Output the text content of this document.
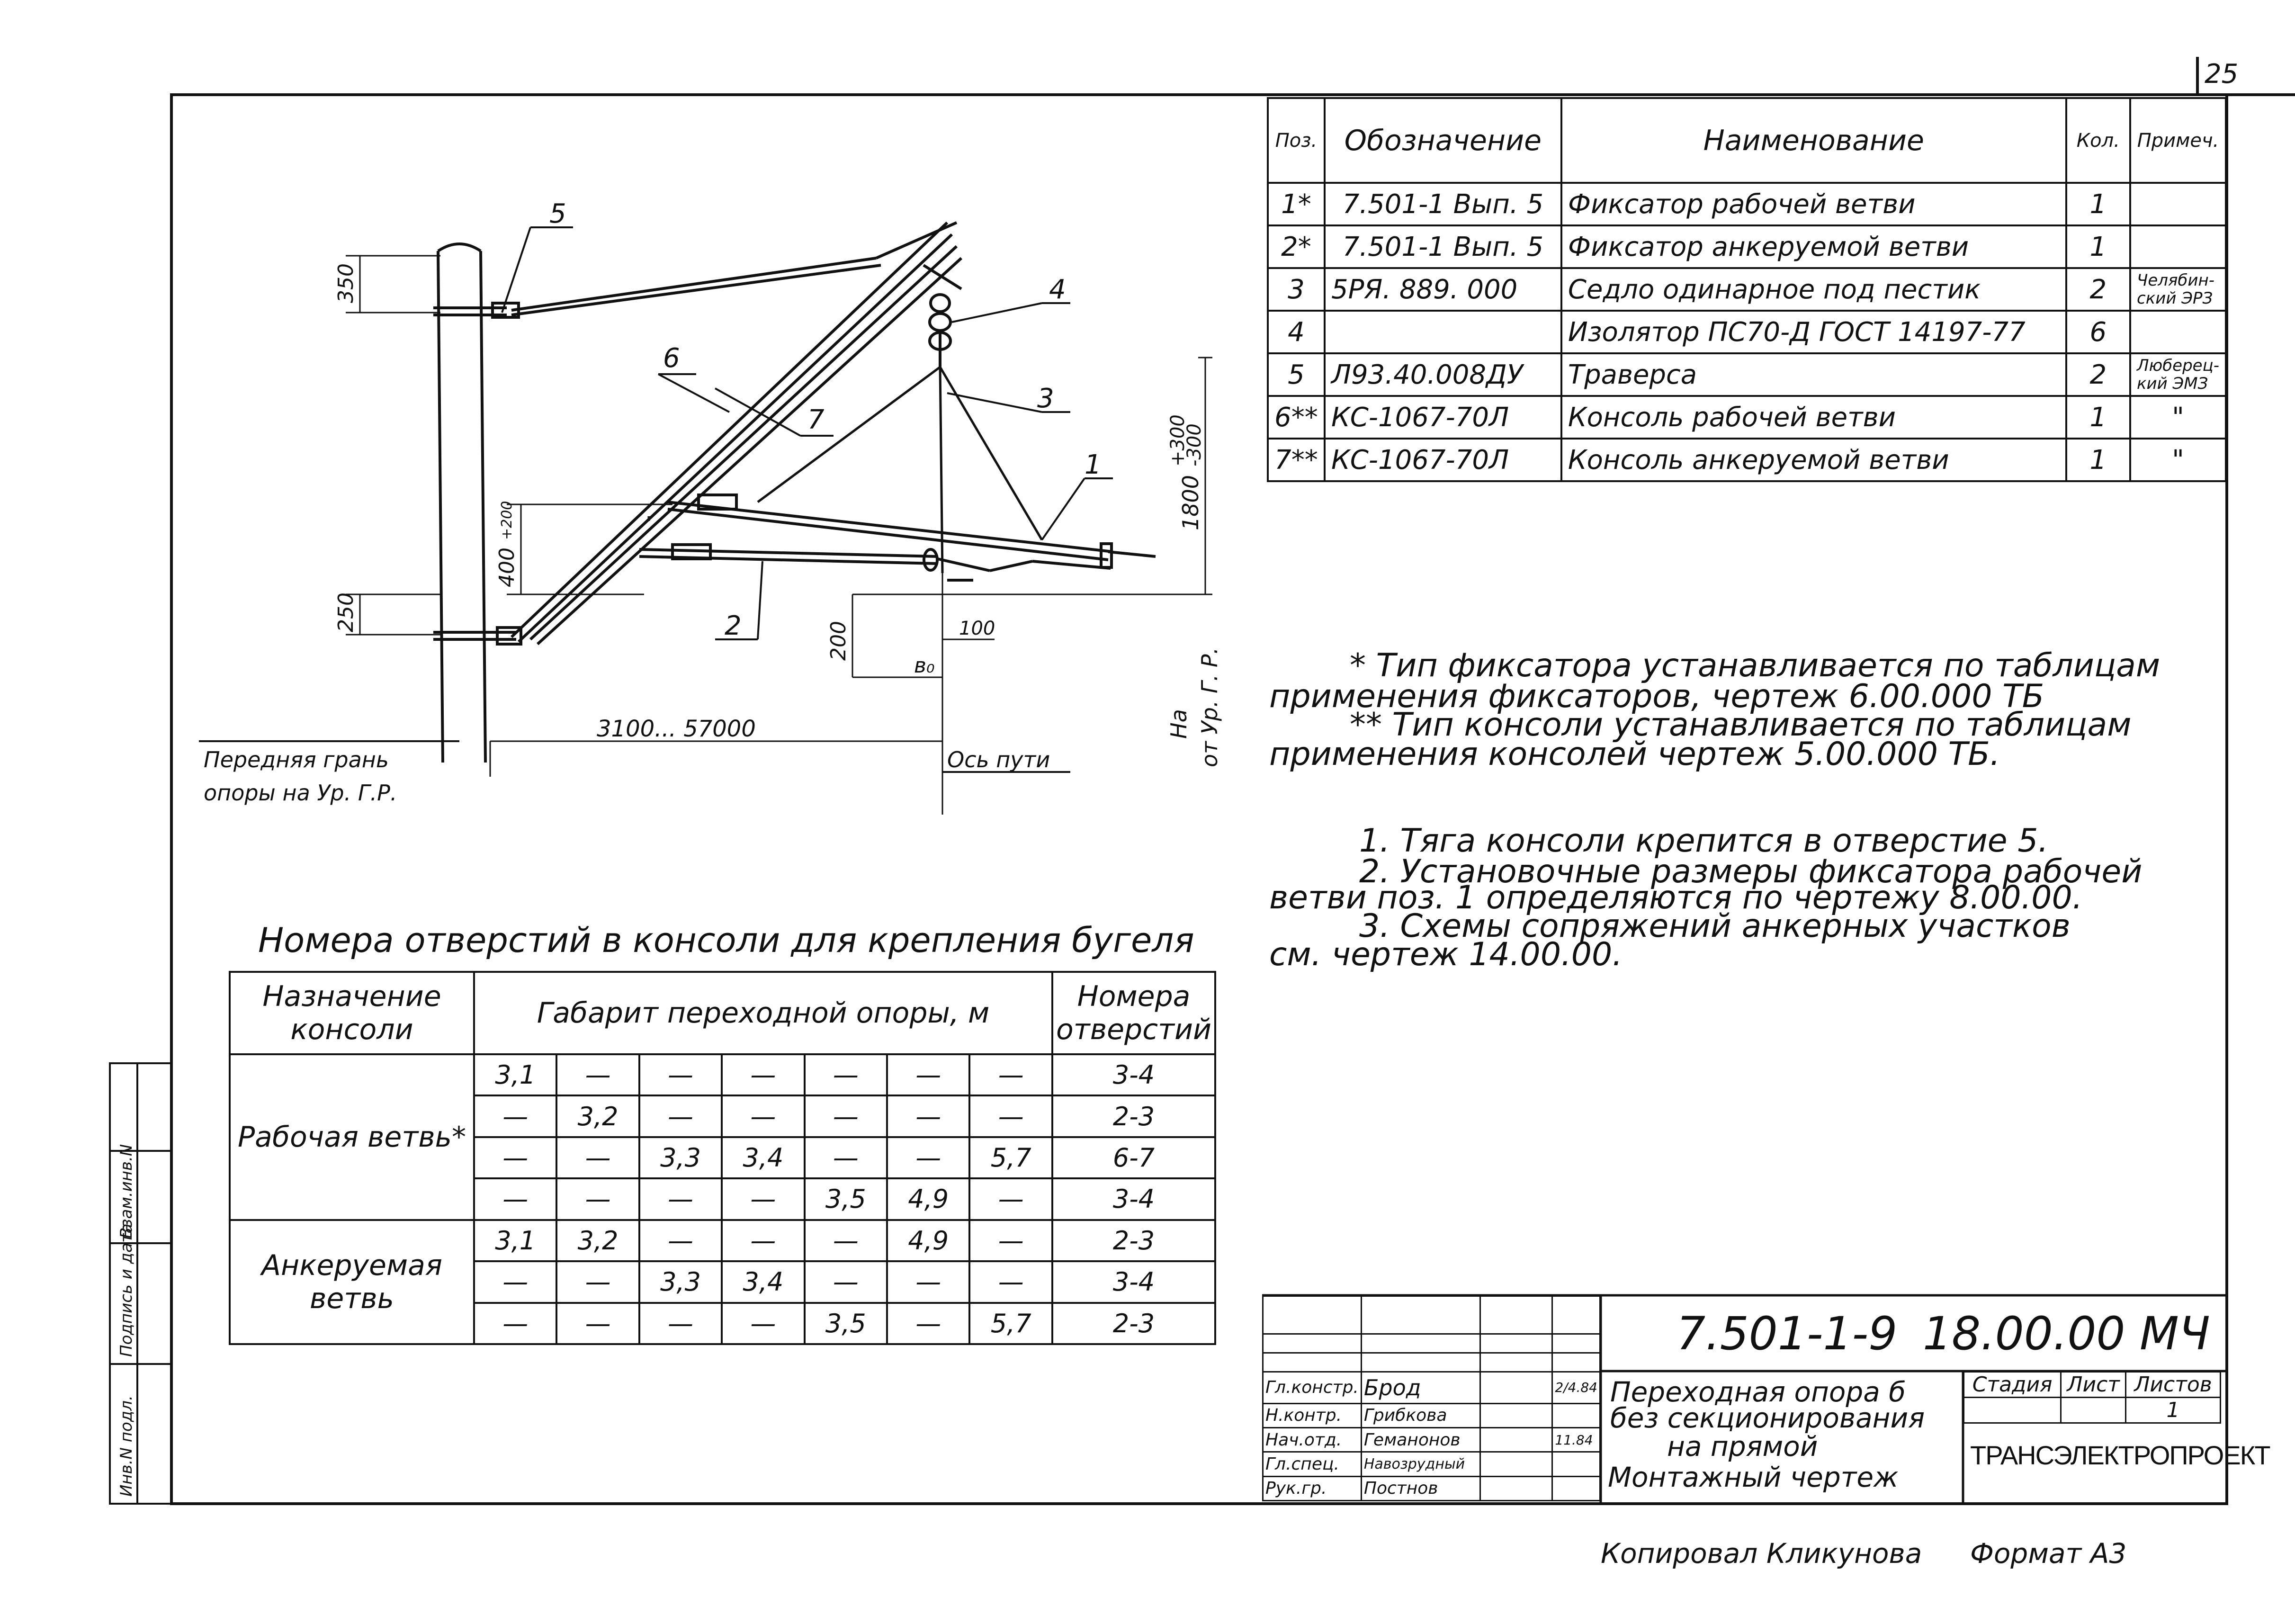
Инв.N подл.
Подпись и дата
Взам.инв.N
25
5
6
7
4
3
1
2
350
250
400
+200
200	100
в₀
1800
+300
-300
3100... 57000
Передняя грань
опоры на Ур. Г.Р.
Ось пути
На от Ур. Г. Р.
Номера отверстий в консоли для крепления бугеля
Копировал Кликунова Формат А3
Поз.	Обозначение	Наименование	Кол.	Примеч.
1*	7.501-1 Вып. 5	Фиксатор рабочей ветви	1	
2*	7.501-1 Вып. 5	Фиксатор анкеруемой ветви	1	
3	5РЯ. 889. 000	Седло одинарное под пестик	2	Челябин-ский ЭРЗ
4		Изолятор ПС70-Д ГОСТ 14197-77	6	
5	Л93.40.008ДУ	Траверса	2	Люберец-кий ЭМЗ
6**	КС-1067-70Л	Консоль рабочей ветви	1	"
7**	КС-1067-70Л	Консоль анкеруемой ветви	1	"
* Тип фиксатора устанавливается по таблицам
применения фиксаторов, чертеж 6.00.000 ТБ
** Тип консоли устанавливается по таблицам
применения консолей чертеж 5.00.000 ТБ.
1. Тяга консоли крепится в отверстие 5.
2. Установочные размеры фиксатора рабочей
ветви поз. 1 определяются по чертежу 8.00.00.
3. Схемы сопряжений анкерных участков
см. чертеж 14.00.00.
Назначение консоли	Габарит переходной опоры, м							Номера отверстий
Рабочая ветвь*	3,1	—	—	—	—	—	—	3-4
	—	3,2	—	—	—	—	—	2-3
	—	—	3,3	3,4	—	—	5,7	6-7
	—	—	—	—	3,5	4,9	—	3-4
Анкеруемая ветвь	3,1	3,2	—	—	—	4,9	—	2-3
	—	—	3,3	3,4	—	—	—	3-4
	—	—	—	—	3,5	—	5,7	2-3

Гл.констр.	Брод		2/4.84
Н.контр.	Грибкова		
Нач.отд.	Геманонов		11.84
Гл.спец.	Навозрудный		
Рук.гр.	Постнов		
7.501-1-9 18.00.00 МЧ
Переходная опора б
без секционирования
на прямой
Монтажный чертеж
Стадия	Лист	Листов
		1
ТРАНСЭЛЕКТРОПРОЕКТ
